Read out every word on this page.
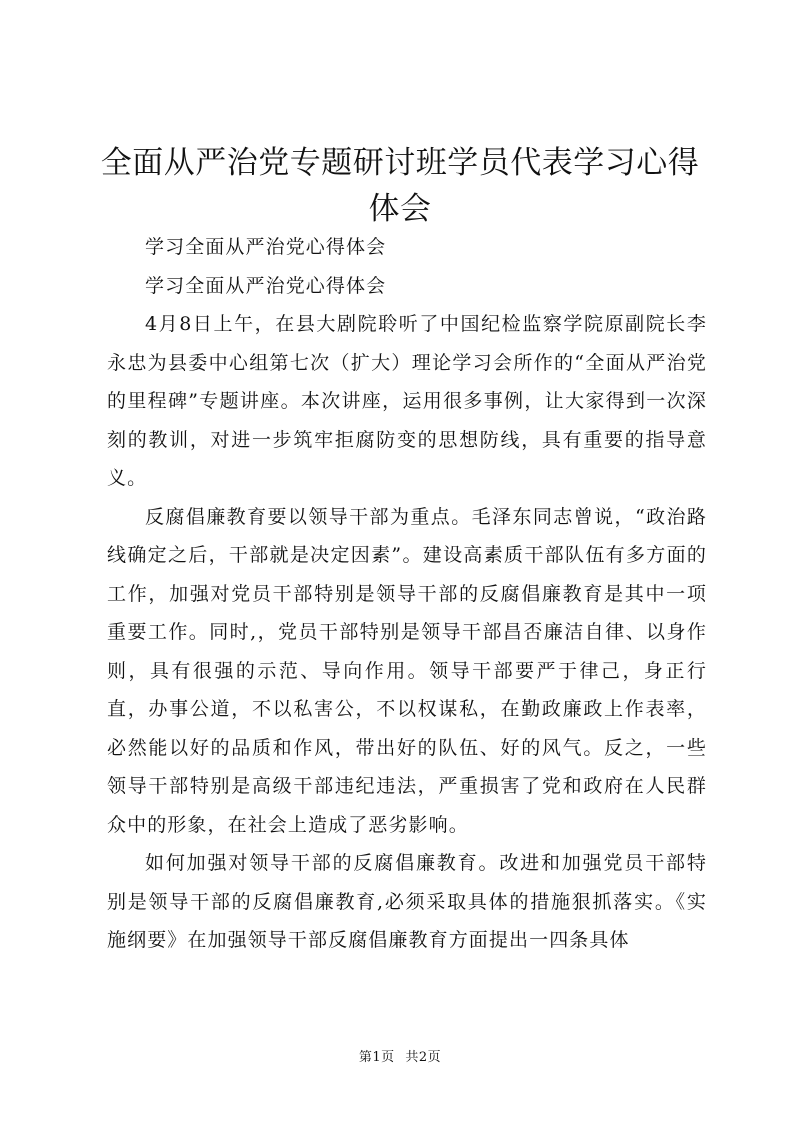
全面从严治党专题研讨班学员代表学习心得体会

学习全面从严治党心得体会

学习全面从严治党心得体会

4月8日上午，在县大剧院聆听了中国纪检监察学院原副院长李永忠为县委中心组第七次（扩大）理论学习会所作的“全面从严治党的里程碑”专题讲座。本次讲座，运用很多事例，让大家得到一次深刻的教训，对进一步筑牢拒腐防变的思想防线，具有重要的指导意义。

反腐倡廉教育要以领导干部为重点。毛泽东同志曾说，“政治路线确定之后，干部就是决定因素”。建设高素质干部队伍有多方面的工作，加强对党员干部特别是领导干部的反腐倡廉教育是其中一项重要工作。同时,，党员干部特别是领导干部昌否廉洁自律、以身作则，具有很强的示范、导向作用。领导干部要严于律己，身正行直，办事公道，不以私害公，不以权谋私，在勤政廉政上作表率，必然能以好的品质和作风，带出好的队伍、好的风气。反之，一些领导干部特别是高级干部违纪违法，严重损害了党和政府在人民群众中的形象，在社会上造成了恶劣影响。

如何加强对领导干部的反腐倡廉教育。改进和加强党员干部特别是领导干部的反腐倡廉教育,必须采取具体的措施狠抓落实。《实施纲要》在加强领导干部反腐倡廉教育方面提出一四条具体

第1页 共2页
